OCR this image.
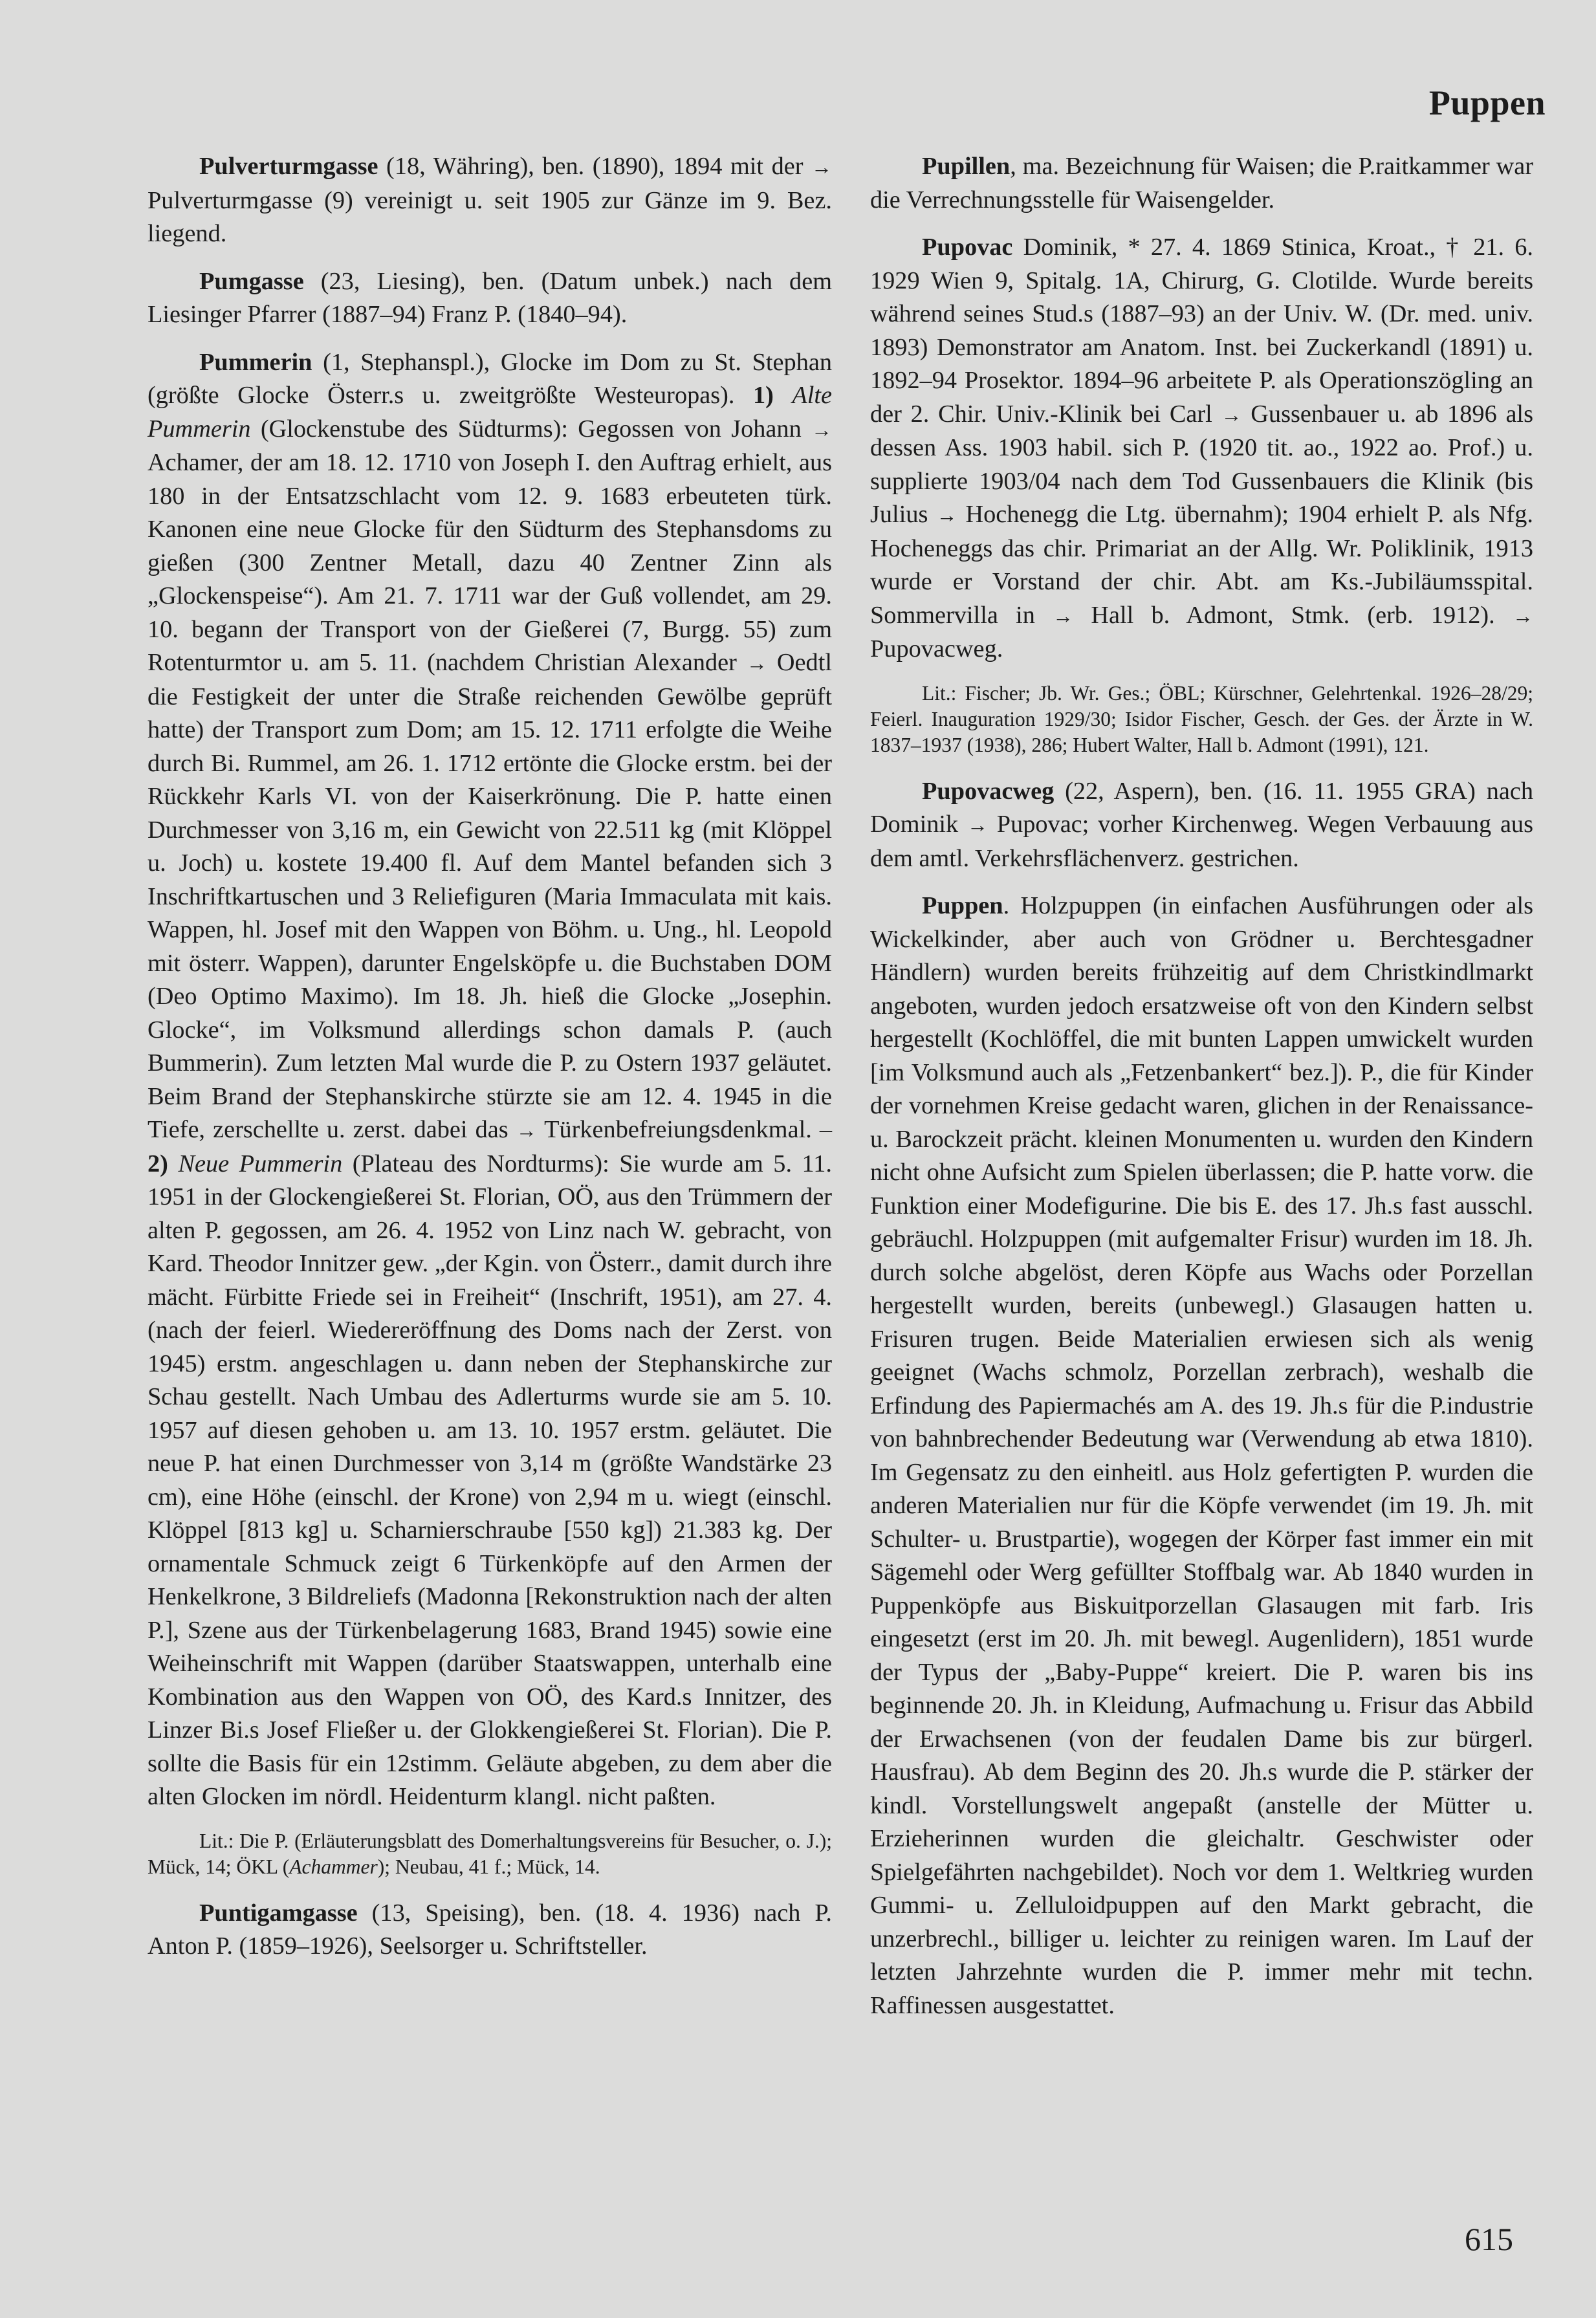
Puppen

Pulverturmgasse (18, Währing), ben. (1890), 1894 mit der → Pulverturmgasse (9) vereinigt u. seit 1905 zur Gänze im 9. Bez. liegend.

Pumgasse (23, Liesing), ben. (Datum unbek.) nach dem Liesinger Pfarrer (1887–94) Franz P. (1840–94).

Pummerin (1, Stephanspl.), Glocke im Dom zu St. Stephan (größte Glocke Österr.s u. zweitgrößte Westeuropas). 1) Alte Pummerin (Glockenstube des Südturms): Gegossen von Johann → Achamer, der am 18. 12. 1710 von Joseph I. den Auftrag erhielt, aus 180 in der Entsatzschlacht vom 12. 9. 1683 erbeuteten türk. Kanonen eine neue Glocke für den Südturm des Stephansdoms zu gießen (300 Zentner Metall, dazu 40 Zentner Zinn als „Glockenspeise“). Am 21. 7. 1711 war der Guß vollendet, am 29. 10. begann der Transport von der Gießerei (7, Burgg. 55) zum Rotenturmtor u. am 5. 11. (nachdem Christian Alexander → Oedtl die Festigkeit der unter die Straße reichenden Gewölbe geprüft hatte) der Transport zum Dom; am 15. 12. 1711 erfolgte die Weihe durch Bi. Rummel, am 26. 1. 1712 ertönte die Glocke erstm. bei der Rückkehr Karls VI. von der Kaiserkrönung. Die P. hatte einen Durchmesser von 3,16 m, ein Gewicht von 22.511 kg (mit Klöppel u. Joch) u. kostete 19.400 fl. Auf dem Mantel befanden sich 3 Inschriftkartuschen und 3 Reliefiguren (Maria Immaculata mit kais. Wappen, hl. Josef mit den Wappen von Böhm. u. Ung., hl. Leopold mit österr. Wappen), darunter Engelsköpfe u. die Buchstaben DOM (Deo Optimo Maximo). Im 18. Jh. hieß die Glocke „Josephin. Glocke“, im Volksmund allerdings schon damals P. (auch Bummerin). Zum letzten Mal wurde die P. zu Ostern 1937 geläutet. Beim Brand der Stephanskirche stürzte sie am 12. 4. 1945 in die Tiefe, zerschellte u. zerst. dabei das → Türkenbefreiungsdenkmal. – 2) Neue Pummerin (Plateau des Nordturms): Sie wurde am 5. 11. 1951 in der Glockengießerei St. Florian, OÖ, aus den Trümmern der alten P. gegossen, am 26. 4. 1952 von Linz nach W. gebracht, von Kard. Theodor Innitzer gew. „der Kgin. von Österr., damit durch ihre mächt. Fürbitte Friede sei in Freiheit“ (Inschrift, 1951), am 27. 4. (nach der feierl. Wiedereröffnung des Doms nach der Zerst. von 1945) erstm. angeschlagen u. dann neben der Stephanskirche zur Schau gestellt. Nach Umbau des Adlerturms wurde sie am 5. 10. 1957 auf diesen gehoben u. am 13. 10. 1957 erstm. geläutet. Die neue P. hat einen Durchmesser von 3,14 m (größte Wandstärke 23 cm), eine Höhe (einschl. der Krone) von 2,94 m u. wiegt (einschl. Klöppel [813 kg] u. Scharnierschraube [550 kg]) 21.383 kg. Der ornamentale Schmuck zeigt 6 Türkenköpfe auf den Armen der Henkelkrone, 3 Bildreliefs (Madonna [Rekonstruktion nach der alten P.], Szene aus der Türkenbelagerung 1683, Brand 1945) sowie eine Weiheinschrift mit Wappen (darüber Staatswappen, unterhalb eine Kombination aus den Wappen von OÖ, des Kard.s Innitzer, des Linzer Bi.s Josef Fließer u. der Glokkengießerei St. Florian). Die P. sollte die Basis für ein 12stimm. Geläute abgeben, zu dem aber die alten Glocken im nördl. Heidenturm klangl. nicht paßten.

Lit.: Die P. (Erläuterungsblatt des Domerhaltungsvereins für Besucher, o. J.); Mück, 14; ÖKL (Achammer); Neubau, 41 f.; Mück, 14.

Puntigamgasse (13, Speising), ben. (18. 4. 1936) nach P. Anton P. (1859–1926), Seelsorger u. Schriftsteller.

Pupillen, ma. Bezeichnung für Waisen; die P.raitkammer war die Verrechnungsstelle für Waisengelder.

Pupovac Dominik, * 27. 4. 1869 Stinica, Kroat., † 21. 6. 1929 Wien 9, Spitalg. 1A, Chirurg, G. Clotilde. Wurde bereits während seines Stud.s (1887–93) an der Univ. W. (Dr. med. univ. 1893) Demonstrator am Anatom. Inst. bei Zuckerkandl (1891) u. 1892–94 Prosektor. 1894–96 arbeitete P. als Operationszögling an der 2. Chir. Univ.-Klinik bei Carl → Gussenbauer u. ab 1896 als dessen Ass. 1903 habil. sich P. (1920 tit. ao., 1922 ao. Prof.) u. supplierte 1903/04 nach dem Tod Gussenbauers die Klinik (bis Julius → Hochenegg die Ltg. übernahm); 1904 erhielt P. als Nfg. Hocheneggs das chir. Primariat an der Allg. Wr. Poliklinik, 1913 wurde er Vorstand der chir. Abt. am Ks.-Jubiläumsspital. Sommervilla in → Hall b. Admont, Stmk. (erb. 1912). → Pupovacweg.

Lit.: Fischer; Jb. Wr. Ges.; ÖBL; Kürschner, Gelehrtenkal. 1926–28/29; Feierl. Inauguration 1929/30; Isidor Fischer, Gesch. der Ges. der Ärzte in W. 1837–1937 (1938), 286; Hubert Walter, Hall b. Admont (1991), 121.

Pupovacweg (22, Aspern), ben. (16. 11. 1955 GRA) nach Dominik → Pupovac; vorher Kirchenweg. Wegen Verbauung aus dem amtl. Verkehrsflächenverz. gestrichen.

Puppen. Holzpuppen (in einfachen Ausführungen oder als Wickelkinder, aber auch von Grödner u. Berchtesgadner Händlern) wurden bereits frühzeitig auf dem Christkindlmarkt angeboten, wurden jedoch ersatzweise oft von den Kindern selbst hergestellt (Kochlöffel, die mit bunten Lappen umwickelt wurden [im Volksmund auch als „Fetzenbankert“ bez.]). P., die für Kinder der vornehmen Kreise gedacht waren, glichen in der Renaissance- u. Barockzeit prächt. kleinen Monumenten u. wurden den Kindern nicht ohne Aufsicht zum Spielen überlassen; die P. hatte vorw. die Funktion einer Modefigurine. Die bis E. des 17. Jh.s fast ausschl. gebräuchl. Holzpuppen (mit aufgemalter Frisur) wurden im 18. Jh. durch solche abgelöst, deren Köpfe aus Wachs oder Porzellan hergestellt wurden, bereits (unbewegl.) Glasaugen hatten u. Frisuren trugen. Beide Materialien erwiesen sich als wenig geeignet (Wachs schmolz, Porzellan zerbrach), weshalb die Erfindung des Papiermachés am A. des 19. Jh.s für die P.industrie von bahnbrechender Bedeutung war (Verwendung ab etwa 1810). Im Gegensatz zu den einheitl. aus Holz gefertigten P. wurden die anderen Materialien nur für die Köpfe verwendet (im 19. Jh. mit Schulter- u. Brustpartie), wogegen der Körper fast immer ein mit Sägemehl oder Werg gefüllter Stoffbalg war. Ab 1840 wurden in Puppenköpfe aus Biskuitporzellan Glasaugen mit farb. Iris eingesetzt (erst im 20. Jh. mit bewegl. Augenlidern), 1851 wurde der Typus der „Baby-Puppe“ kreiert. Die P. waren bis ins beginnende 20. Jh. in Kleidung, Aufmachung u. Frisur das Abbild der Erwachsenen (von der feudalen Dame bis zur bürgerl. Hausfrau). Ab dem Beginn des 20. Jh.s wurde die P. stärker der kindl. Vorstellungswelt angepaßt (anstelle der Mütter u. Erzieherinnen wurden die gleichaltr. Geschwister oder Spielgefährten nachgebildet). Noch vor dem 1. Weltkrieg wurden Gummi- u. Zelluloidpuppen auf den Markt gebracht, die unzerbrechl., billiger u. leichter zu reinigen waren. Im Lauf der letzten Jahrzehnte wurden die P. immer mehr mit techn. Raffinessen ausgestattet.

615
